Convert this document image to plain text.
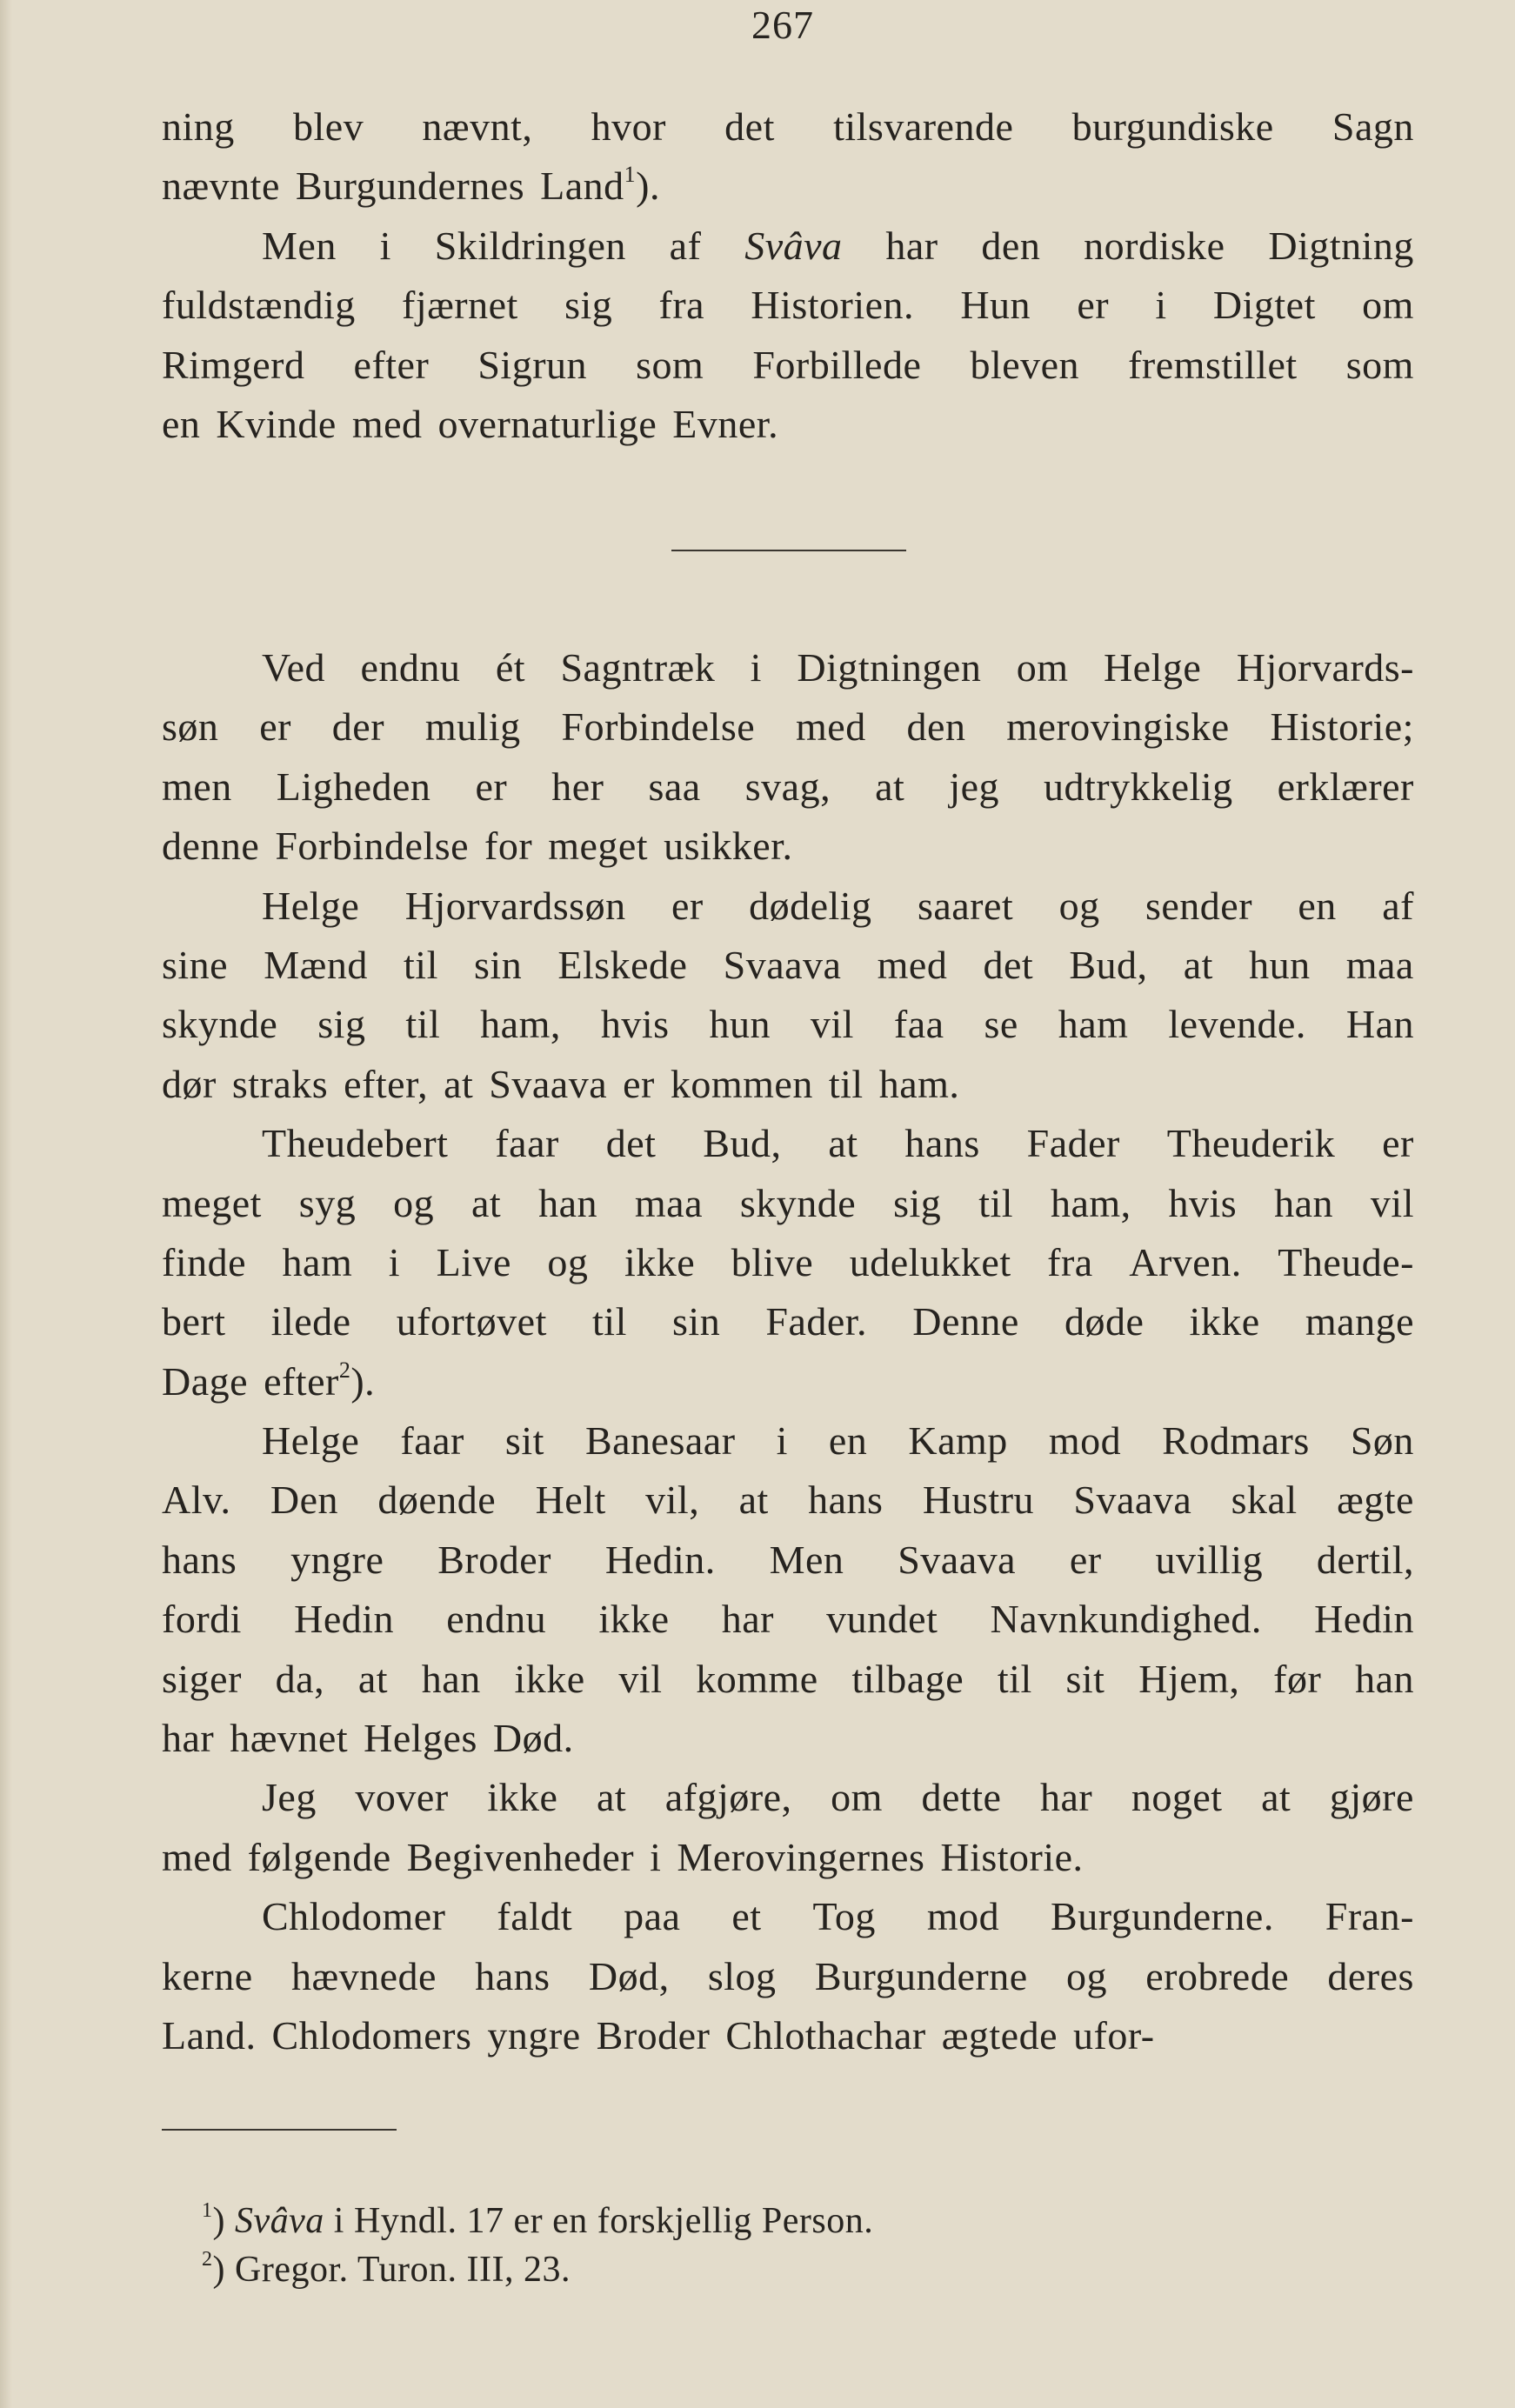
267
ning blev nævnt, hvor det tilsvarende burgundiske Sagn
nævnte Burgundernes Land$^1$).
Men i Skildringen af Svâva har den nordiske Digtning
fuldstændig fjærnet sig fra Historien. Hun er i Digtet om
Rimgerd efter Sigrun som Forbillede bleven fremstillet som
en Kvinde med overnaturlige Evner.
Ved endnu ét Sagntræk i Digtningen om Helge Hjorvards-
søn er der mulig Forbindelse med den merovingiske Historie;
men Ligheden er her saa svag, at jeg udtrykkelig erklærer
denne Forbindelse for meget usikker.
Helge Hjorvardssøn er dødelig saaret og sender en af
sine Mænd til sin Elskede Svaava med det Bud, at hun maa
skynde sig til ham, hvis hun vil faa se ham levende. Han
dør straks efter, at Svaava er kommen til ham.
Theudebert faar det Bud, at hans Fader Theuderik er
meget syg og at han maa skynde sig til ham, hvis han vil
finde ham i Live og ikke blive udelukket fra Arven. Theude-
bert ilede ufortøvet til sin Fader. Denne døde ikke mange
Dage efter$^2$).
Helge faar sit Banesaar i en Kamp mod Rodmars Søn
Alv. Den døende Helt vil, at hans Hustru Svaava skal ægte
hans yngre Broder Hedin. Men Svaava er uvillig dertil,
fordi Hedin endnu ikke har vundet Navnkundighed. Hedin
siger da, at han ikke vil komme tilbage til sit Hjem, før han
har hævnet Helges Død.
Jeg vover ikke at afgjøre, om dette har noget at gjøre
med følgende Begivenheder i Merovingernes Historie.
Chlodomer faldt paa et Tog mod Burgunderne. Fran-
kerne hævnede hans Død, slog Burgunderne og erobrede deres
Land. Chlodomers yngre Broder Chlothachar ægtede ufor-
$^1$) Svâva i Hyndl. 17 er en forskjellig Person.
$^2$) Gregor. Turon. III, 23.
